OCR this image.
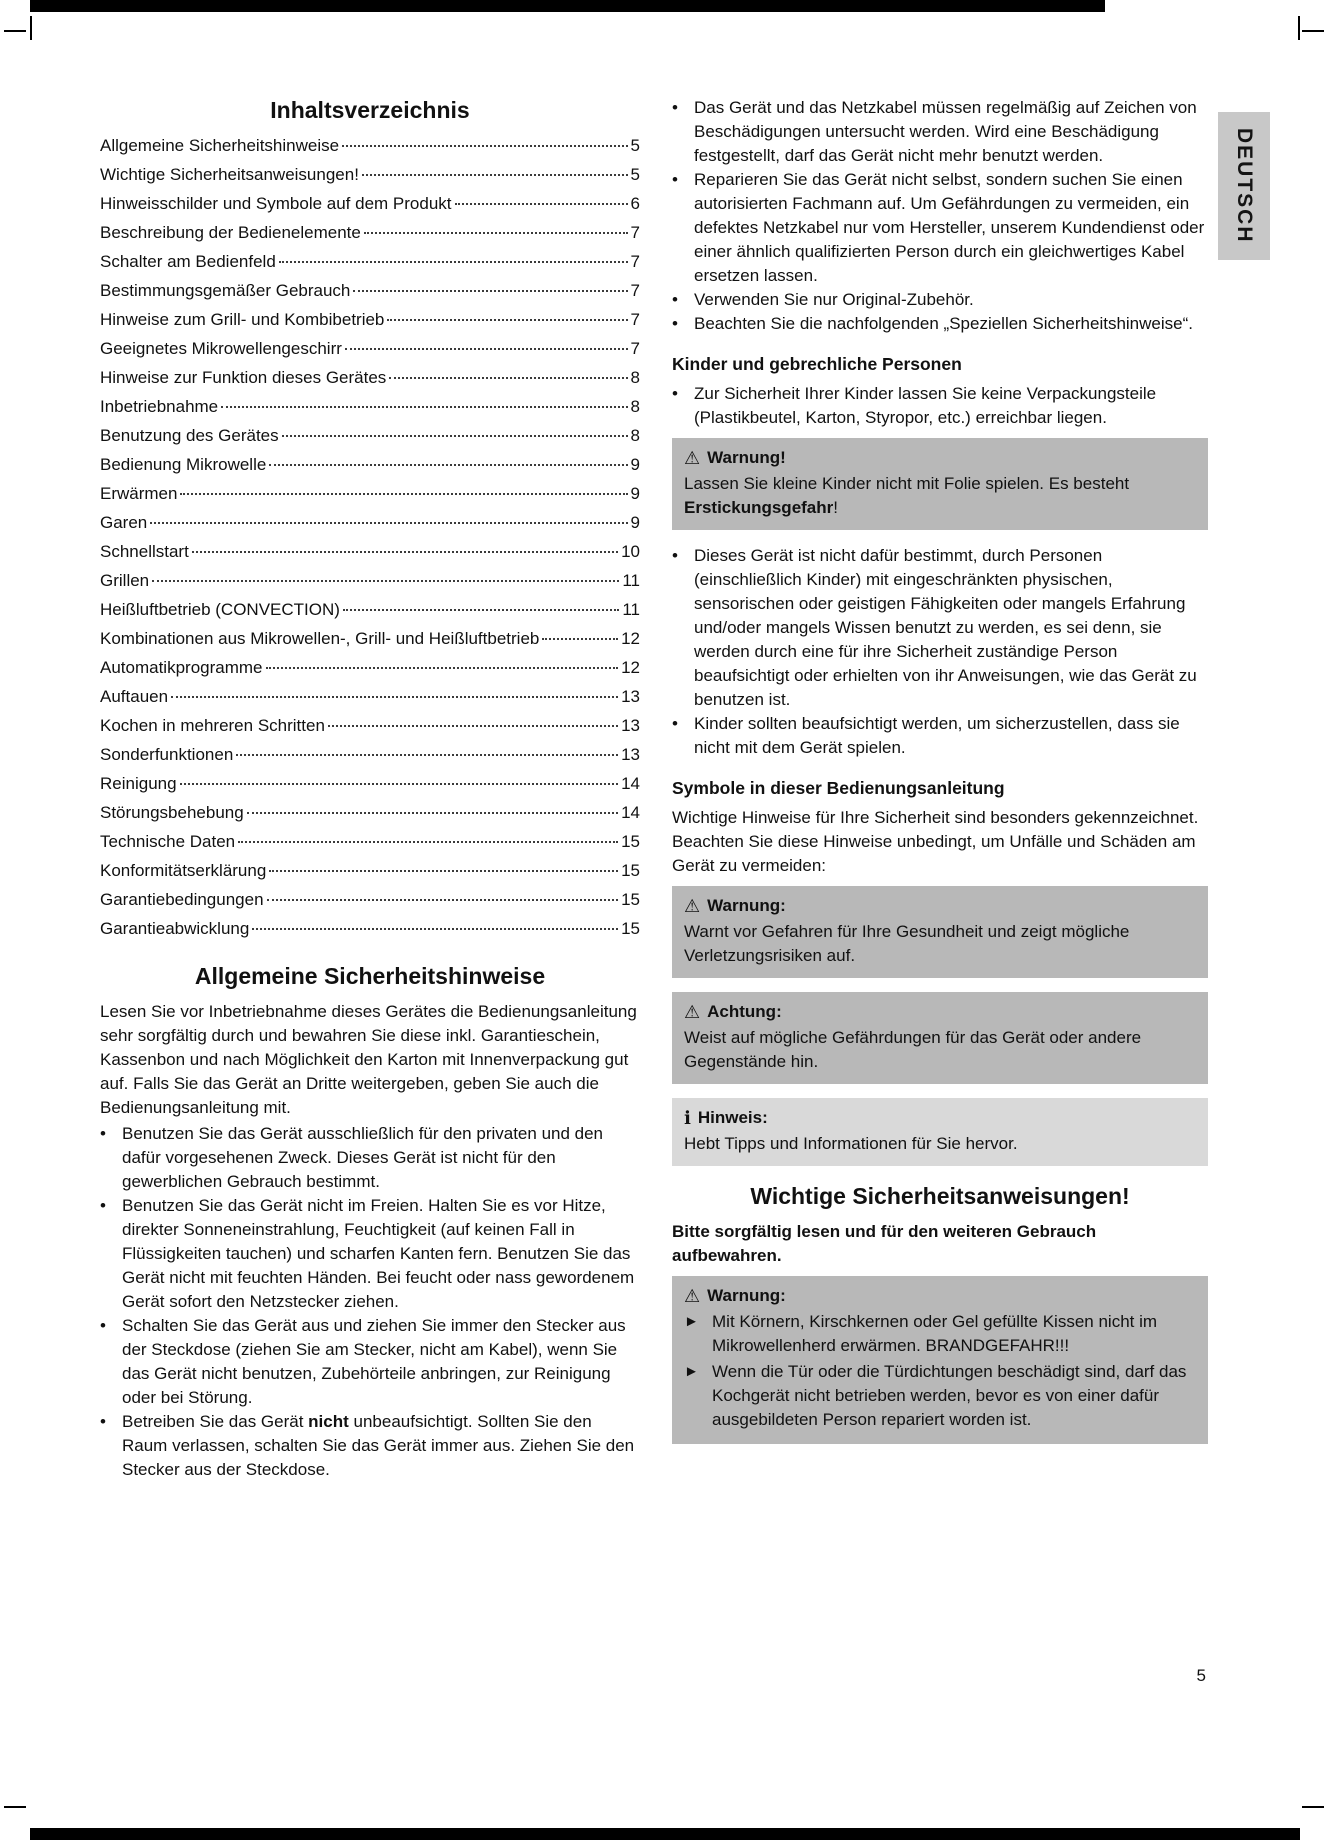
DEUTSCH
Inhaltsverzeichnis
Allgemeine Sicherheitshinweise	5
Wichtige Sicherheitsanweisungen!	5
Hinweisschilder und Symbole auf dem Produkt	6
Beschreibung der Bedienelemente	7
Schalter am Bedienfeld	7
Bestimmungsgemäßer Gebrauch	7
Hinweise zum Grill- und Kombibetrieb	7
Geeignetes Mikrowellengeschirr	7
Hinweise zur Funktion dieses Gerätes	8
Inbetriebnahme	8
Benutzung des Gerätes	8
Bedienung Mikrowelle	9
Erwärmen	9
Garen	9
Schnellstart	10
Grillen	11
Heißluftbetrieb (CONVECTION)	11
Kombinationen aus Mikrowellen-, Grill- und Heißluftbetrieb	12
Automatikprogramme	12
Auftauen	13
Kochen in mehreren Schritten	13
Sonderfunktionen	13
Reinigung	14
Störungsbehebung	14
Technische Daten	15
Konformitätserklärung	15
Garantiebedingungen	15
Garantieabwicklung	15
Allgemeine Sicherheitshinweise

Lesen Sie vor Inbetriebnahme dieses Gerätes die Bedienungsanleitung sehr sorgfältig durch und bewahren Sie diese inkl. Garantieschein, Kassenbon und nach Möglichkeit den Karton mit Innenverpackung gut auf. Falls Sie das Gerät an Dritte weitergeben, geben Sie auch die Bedienungsanleitung mit.

• Benutzen Sie das Gerät ausschließlich für den privaten und den dafür vorgesehenen Zweck. Dieses Gerät ist nicht für den gewerblichen Gebrauch bestimmt.
• Benutzen Sie das Gerät nicht im Freien. Halten Sie es vor Hitze, direkter Sonneneinstrahlung, Feuchtigkeit (auf keinen Fall in Flüssigkeiten tauchen) und scharfen Kanten fern. Benutzen Sie das Gerät nicht mit feuchten Händen. Bei feucht oder nass gewordenem Gerät sofort den Netzstecker ziehen.
• Schalten Sie das Gerät aus und ziehen Sie immer den Stecker aus der Steckdose (ziehen Sie am Stecker, nicht am Kabel), wenn Sie das Gerät nicht benutzen, Zubehörteile anbringen, zur Reinigung oder bei Störung.
• Betreiben Sie das Gerät nicht unbeaufsichtigt. Sollten Sie den Raum verlassen, schalten Sie das Gerät immer aus. Ziehen Sie den Stecker aus der Steckdose.
• Das Gerät und das Netzkabel müssen regelmäßig auf Zeichen von Beschädigungen untersucht werden. Wird eine Beschädigung festgestellt, darf das Gerät nicht mehr benutzt werden.
• Reparieren Sie das Gerät nicht selbst, sondern suchen Sie einen autorisierten Fachmann auf. Um Gefährdungen zu vermeiden, ein defektes Netzkabel nur vom Hersteller, unserem Kundendienst oder einer ähnlich qualifizierten Person durch ein gleichwertiges Kabel ersetzen lassen.
• Verwenden Sie nur Original-Zubehör.
• Beachten Sie die nachfolgenden „Speziellen Sicherheitshinweise“.
Kinder und gebrechliche Personen
• Zur Sicherheit Ihrer Kinder lassen Sie keine Verpackungsteile (Plastikbeutel, Karton, Styropor, etc.) erreichbar liegen.
⚠ Warnung!
Lassen Sie kleine Kinder nicht mit Folie spielen. Es besteht Erstickungsgefahr!
• Dieses Gerät ist nicht dafür bestimmt, durch Personen (einschließlich Kinder) mit eingeschränkten physischen, sensorischen oder geistigen Fähigkeiten oder mangels Erfahrung und/oder mangels Wissen benutzt zu werden, es sei denn, sie werden durch eine für ihre Sicherheit zuständige Person beaufsichtigt oder erhielten von ihr Anweisungen, wie das Gerät zu benutzen ist.
• Kinder sollten beaufsichtigt werden, um sicherzustellen, dass sie nicht mit dem Gerät spielen.
Symbole in dieser Bedienungsanleitung

Wichtige Hinweise für Ihre Sicherheit sind besonders gekennzeichnet. Beachten Sie diese Hinweise unbedingt, um Unfälle und Schäden am Gerät zu vermeiden:

⚠ Warnung:
Warnt vor Gefahren für Ihre Gesundheit und zeigt mögliche Verletzungsrisiken auf.
⚠ Achtung:
Weist auf mögliche Gefährdungen für das Gerät oder andere Gegenstände hin.
ℹ Hinweis:
Hebt Tipps und Informationen für Sie hervor.
Wichtige Sicherheitsanweisungen!

Bitte sorgfältig lesen und für den weiteren Gebrauch aufbewahren.

⚠ Warnung:
► Mit Körnern, Kirschkernen oder Gel gefüllte Kissen nicht im Mikrowellenherd erwärmen. BRANDGEFAHR!!!
► Wenn die Tür oder die Türdichtungen beschädigt sind, darf das Kochgerät nicht betrieben werden, bevor es von einer dafür ausgebildeten Person repariert worden ist.
5
